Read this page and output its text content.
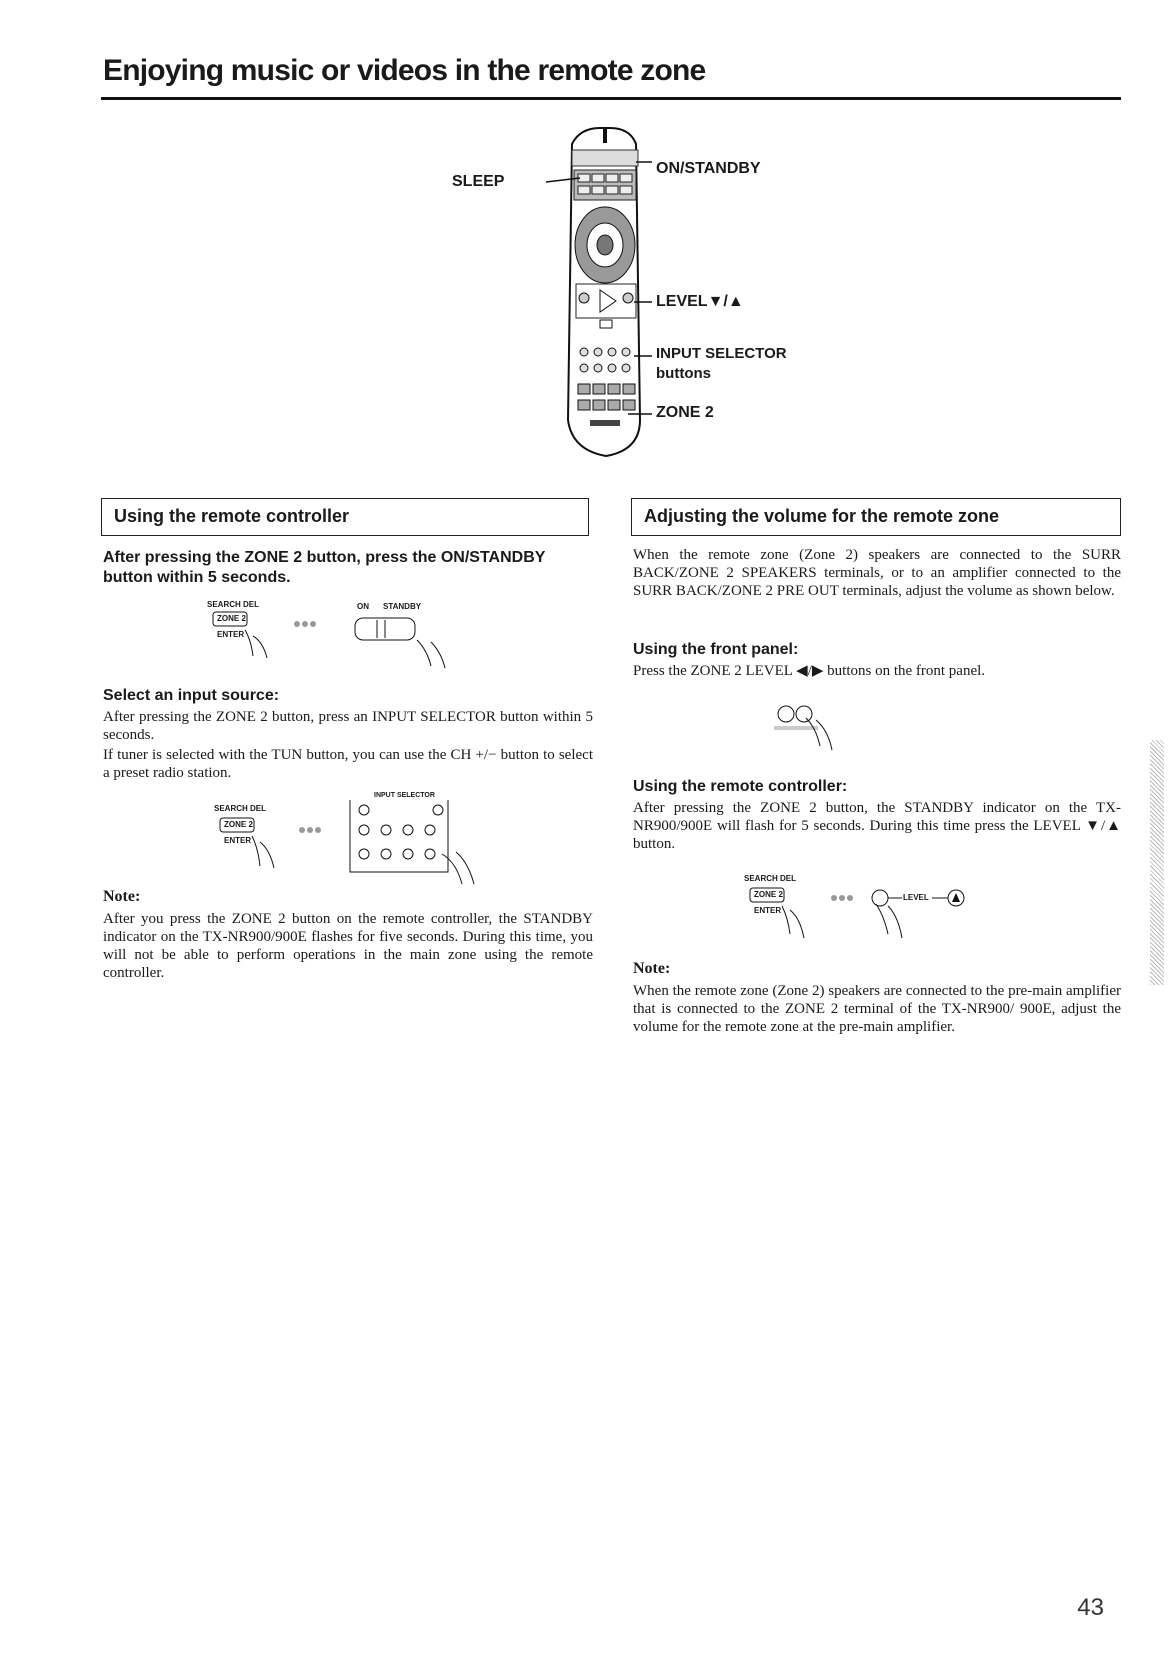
Enjoying music or videos in the remote zone
SLEEP
ON/STANDBY
LEVEL▼/▲
INPUT SELECTOR
buttons
ZONE 2
Using the remote controller
After pressing the ZONE 2 button, press the ON/STANDBY button within 5 seconds.
SEARCH DEL
ZONE 2
ENTER
ON STANDBY
Select an input source:
After pressing the ZONE 2 button, press an INPUT SELECTOR button within 5 seconds.
If tuner is selected with the TUN button, you can use the CH +/− button to select a preset radio station.
SEARCH DEL
ZONE 2
ENTER
INPUT SELECTOR
Note:
After you press the ZONE 2 button on the remote controller, the STANDBY indicator on the TX-NR900/900E flashes for five seconds. During this time, you will not be able to perform operations in the main zone using the remote controller.
Adjusting the volume for the remote zone
When the remote zone (Zone 2) speakers are connected to the SURR BACK/ZONE 2 SPEAKERS terminals, or to an amplifier connected to the SURR BACK/ZONE 2 PRE OUT terminals, adjust the volume as shown below.
Using the front panel:
Press the ZONE 2 LEVEL ◀/▶ buttons on the front panel.
Using the remote controller:
After pressing the ZONE 2 button, the STANDBY indicator on the TX-NR900/900E will flash for 5 seconds. During this time press the LEVEL ▼/▲ button.
SEARCH DEL
ZONE 2
ENTER
LEVEL
Note:
When the remote zone (Zone 2) speakers are connected to the pre-main amplifier that is connected to the ZONE 2 terminal of the TX-NR900/ 900E, adjust the volume for the remote zone at the pre-main amplifier.
43
